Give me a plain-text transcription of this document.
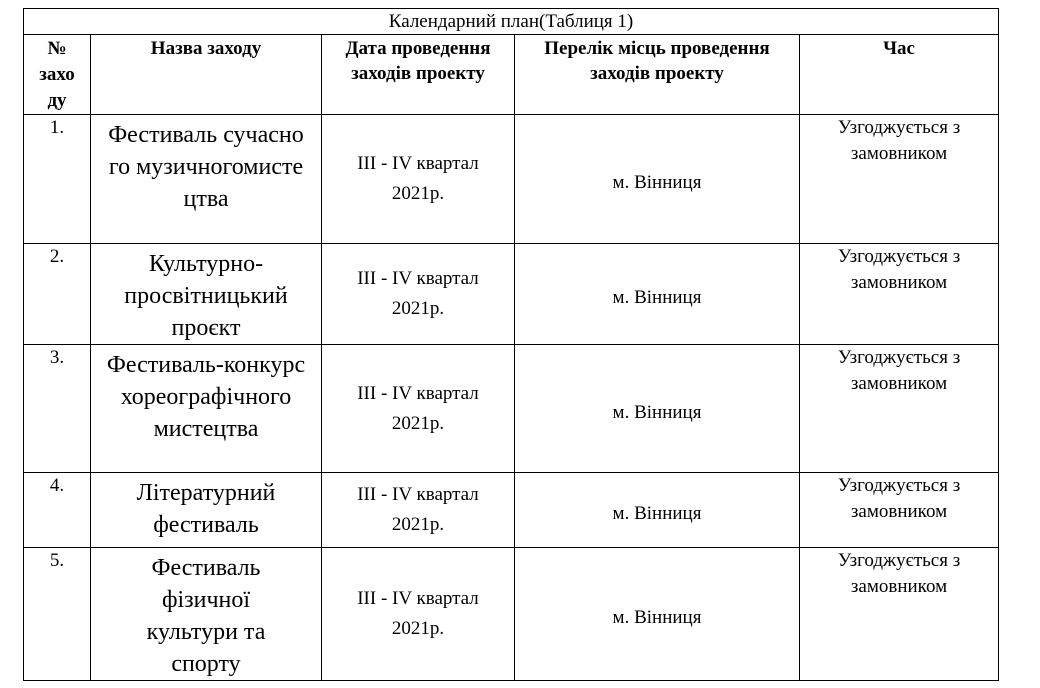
Календарний план(Таблиця 1)				

№ захо ду	Назва заходу	Дата проведення заходів проекту	Перелік місць проведення заходів проекту	Час
1.	Фестиваль сучасного музичногомисте цтва	ІІІ - IV квартал 2021р.	м. Вінниця	Узгоджується з замовником

2.	Культурно-просвітницький проєкт	ІІІ - IV квартал 2021р.	м. Вінниця	Узгоджується з замовником

3.	Фестиваль-конкурс хореографічного мистецтва	ІІІ - IV квартал 2021р.	м. Вінниця	Узгоджується з замовником

4.	Літературний фестиваль	ІІІ - IV квартал 2021р.	м. Вінниця	Узгоджується з замовником

5.	Фестиваль фізичної культури та спорту	ІІІ - IV квартал 2021р.	м. Вінниця	Узгоджується з замовником
